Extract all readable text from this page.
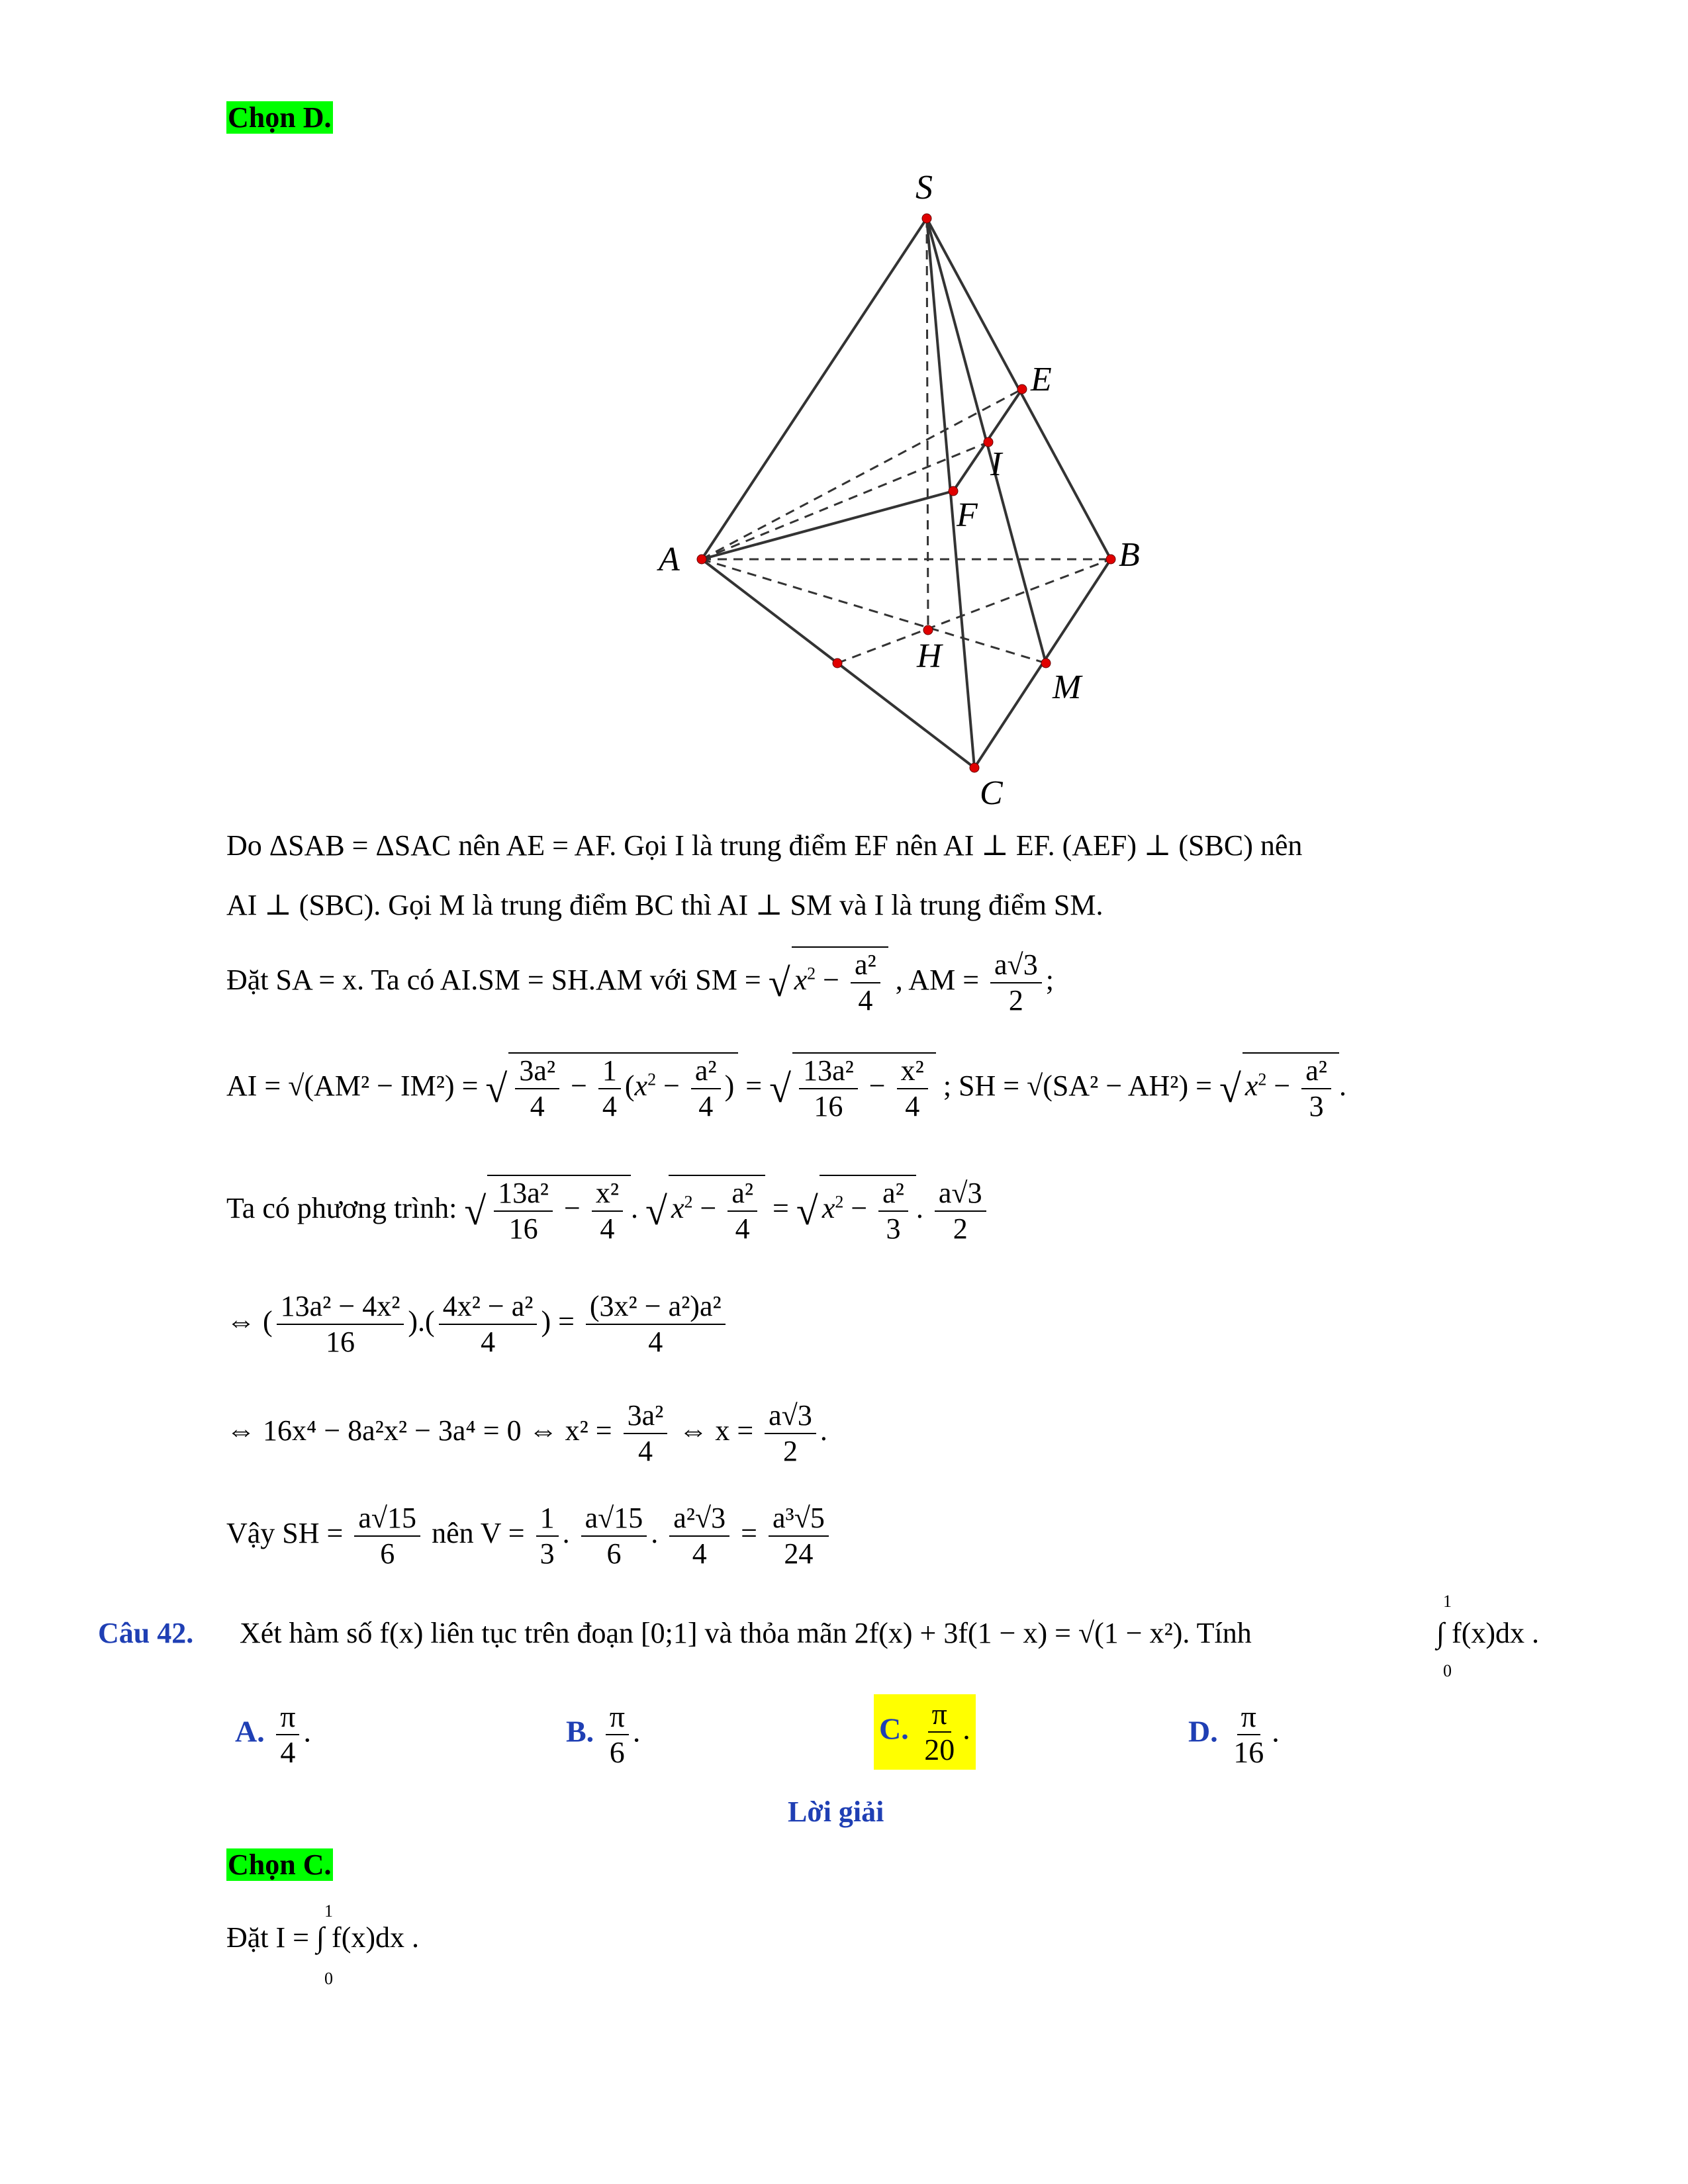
Chọn D.
S
E
I
F
A	B
H
M
C
Do ΔSAB = ΔSAC nên AE = AF. Gọi I là trung điểm EF nên AI ⊥ EF. (AEF) ⊥ (SBC) nên
AI ⊥ (SBC). Gọi M là trung điểm BC thì AI ⊥ SM và I là trung điểm SM.
Đặt SA = x. Ta có AI.SM = SH.AM với SM = √ $x^2 - \frac{\text{a²}}{4}$ , AM = $\frac{a√3}{2}$ ;
AI = √(AM² − IM²) = √ $\frac{\text{3a²}}{4} - \frac{1}{4} (x^2 - \frac{\text{a²}}{4}$ ) = √ $\frac{\text{13a²}}{16} - \frac{\text{x²}}{4}$ ; SH = √(SA² − AH²) = √ $x^2 - \frac{\text{a²}}{3}$ .
Ta có phương trình: √ $\frac{\text{13a²}}{16} - \frac{\text{x²}}{4}$ . √ $x^2 - \frac{\text{a²}}{4}$ = √ $x^2 - \frac{\text{a²}}{3}$ . $\frac{a√3}{2}$
⇔ ( $\frac{\text{13a² − 4x²}}{16}$ ).( $\frac{\text{4x² − a²}}{4}$ ) = $\frac{\text{(3x² − a²)a²}}{4}$
⇔ 16x⁴ − 8a²x² − 3a⁴ = 0 ⇔ $x^2 = \frac{\text{3a²}}{4}$ ⇔ $x = \frac{a√3}{2}$ .
Vậy SH = $\frac{a√15}{6}$ nên $V = \frac{1}{3}$ . $\frac{a√15}{6}$ . $\frac{\text{a²√3}}{4} = \frac{\text{a³√5}}{24}$
Câu 42. Xét hàm số f(x) liên tục trên đoạn [0;1] và thỏa mãn 2f(x) + 3f(1 − x) = √(1 − x²). Tính
1
∫ f(x)dx .
0
A. $\frac{\pi}{4}$ .	B. $\frac{\pi}{6}$ .	C. $\frac{\pi}{20}$ .	D. $\frac{\pi}{16}$ .
Lời giải
Chọn C.
Đặt I =
1
∫ f(x)dx .
0
